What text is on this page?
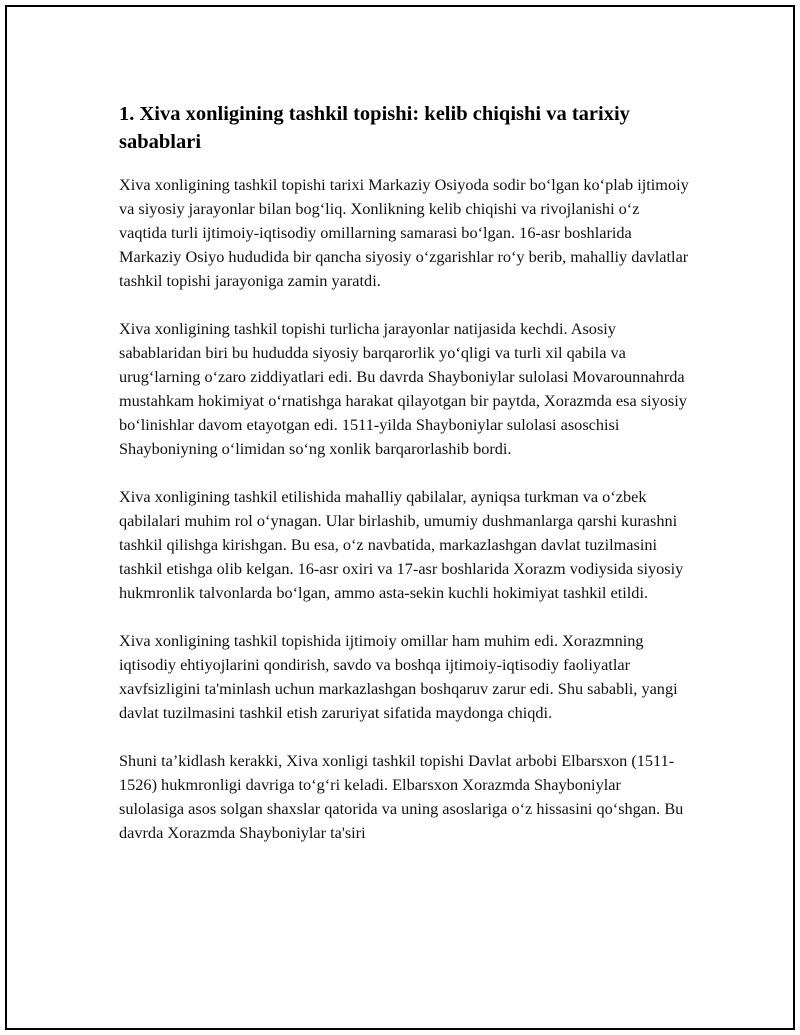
1. Xiva xonligining tashkil topishi: kelib chiqishi va tarixiy sabablari

Xiva xonligining tashkil topishi tarixi Markaziy Osiyoda sodir bo‘lgan ko‘plab ijtimoiy va siyosiy jarayonlar bilan bog‘liq. Xonlikning kelib chiqishi va rivojlanishi o‘z vaqtida turli ijtimoiy-iqtisodiy omillarning samarasi bo‘lgan. 16-asr boshlarida Markaziy Osiyo hududida bir qancha siyosiy o‘zgarishlar ro‘y berib, mahalliy davlatlar tashkil topishi jarayoniga zamin yaratdi.

Xiva xonligining tashkil topishi turlicha jarayonlar natijasida kechdi. Asosiy sabablaridan biri bu hududda siyosiy barqarorlik yo‘qligi va turli xil qabila va urug‘larning o‘zaro ziddiyatlari edi. Bu davrda Shayboniylar sulolasi Movarounnahrda mustahkam hokimiyat o‘rnatishga harakat qilayotgan bir paytda, Xorazmda esa siyosiy bo‘linishlar davom etayotgan edi. 1511-yilda Shayboniylar sulolasi asoschisi Shayboniyning o‘limidan so‘ng xonlik barqarorlashib bordi.

Xiva xonligining tashkil etilishida mahalliy qabilalar, ayniqsa turkman va o‘zbek qabilalari muhim rol o‘ynagan. Ular birlashib, umumiy dushmanlarga qarshi kurashni tashkil qilishga kirishgan. Bu esa, o‘z navbatida, markazlashgan davlat tuzilmasini tashkil etishga olib kelgan. 16-asr oxiri va 17-asr boshlarida Xorazm vodiysida siyosiy hukmronlik talvonlarda bo‘lgan, ammo asta-sekin kuchli hokimiyat tashkil etildi.

Xiva xonligining tashkil topishida ijtimoiy omillar ham muhim edi. Xorazmning iqtisodiy ehtiyojlarini qondirish, savdo va boshqa ijtimoiy-iqtisodiy faoliyatlar xavfsizligini ta'minlash uchun markazlashgan boshqaruv zarur edi. Shu sababli, yangi davlat tuzilmasini tashkil etish zaruriyat sifatida maydonga chiqdi.

Shuni ta’kidlash kerakki, Xiva xonligi tashkil topishi Davlat arbobi Elbarsxon (1511-1526) hukmronligi davriga to‘g‘ri keladi. Elbarsxon Xorazmda Shayboniylar sulolasiga asos solgan shaxslar qatorida va uning asoslariga o‘z hissasini qo‘shgan. Bu davrda Xorazmda Shayboniylar ta'siri
